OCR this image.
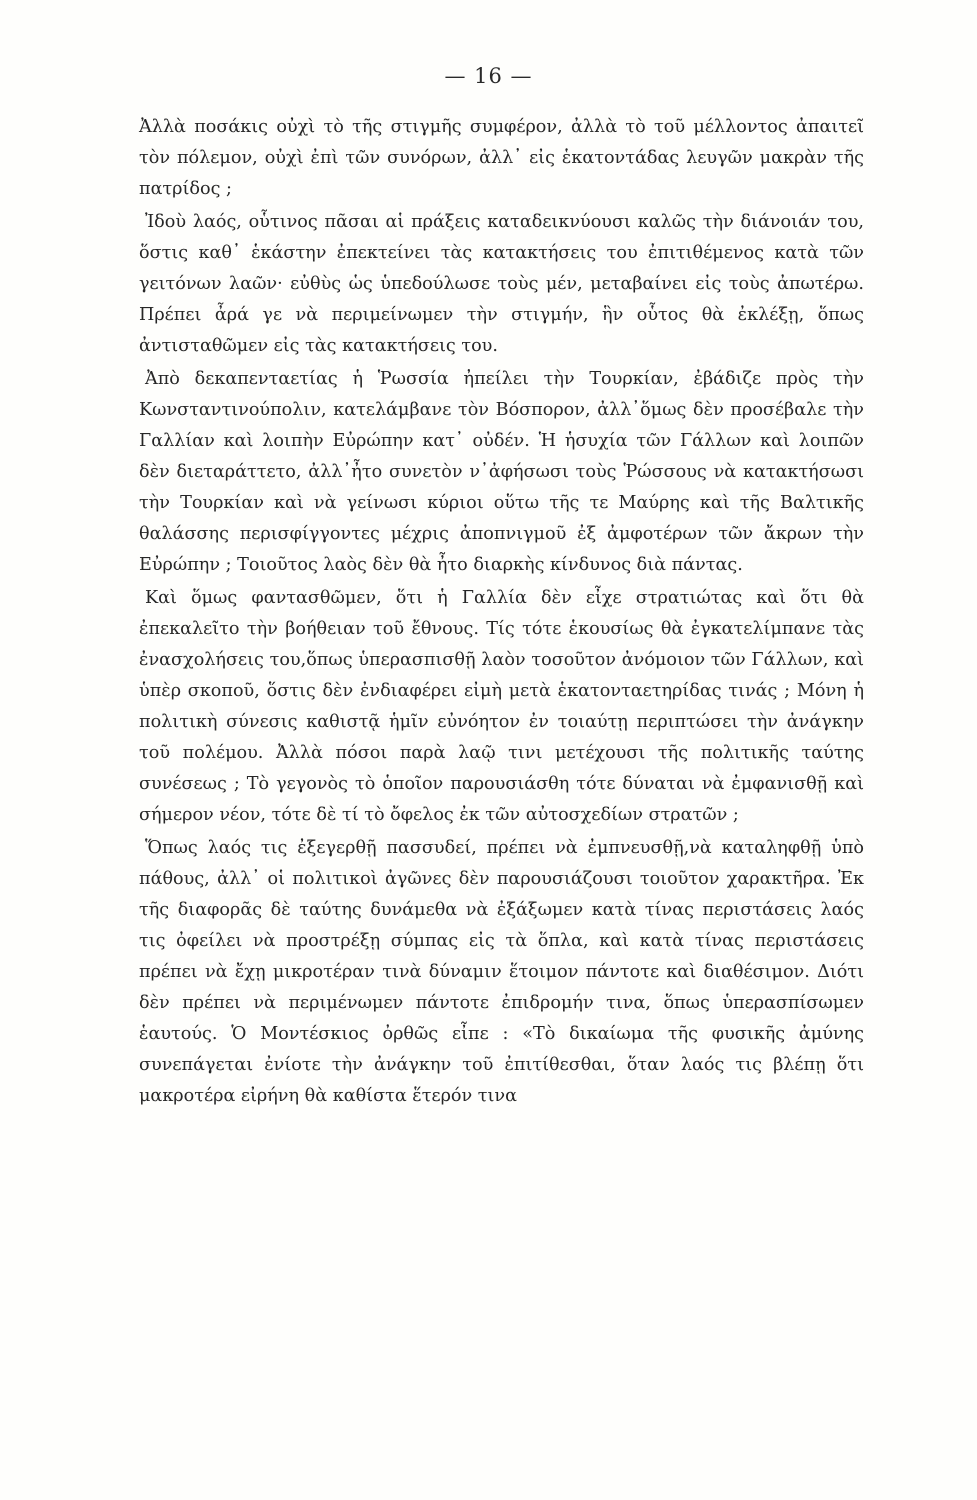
— 16 —

Ἀλλὰ ποσάκις οὐχὶ τὸ τῆς στιγμῆς συμφέρον, ἀλλὰ τὸ τοῦ μέλλοντος ἀπαιτεῖ τὸν πόλεμον, οὐχὶ ἐπὶ τῶν συνόρων, ἀλλ᾽ εἰς ἑκατοντάδας λευγῶν μακρὰν τῆς πατρίδος ;

Ἰδοὺ λαός, οὗτινος πᾶσαι αἱ πράξεις καταδεικνύουσι καλῶς τὴν διάνοιάν του, ὅστις καθ᾽ ἑκάστην ἐπεκτείνει τὰς κατακτήσεις του ἐπιτιθέμενος κατὰ τῶν γειτόνων λαῶν· εὐθὺς ὡς ὑπεδούλωσε τοὺς μέν, μεταβαίνει εἰς τοὺς ἀπωτέρω. Πρέπει ἆρά γε νὰ περιμείνωμεν τὴν στιγμήν, ἣν οὗτος θὰ ἐκλέξῃ, ὅπως ἀντισταθῶμεν εἰς τὰς κατακτήσεις του.

Ἀπὸ δεκαπενταετίας ἡ Ῥωσσία ἠπείλει τὴν Τουρκίαν, ἐβάδιζε πρὸς τὴν Κωνσταντινούπολιν, κατελάμβανε τὸν Βόσπορον, ἀλλ᾽ὅμως δὲν προσέβαλε τὴν Γαλλίαν καὶ λοιπὴν Εὐρώπην κατ᾽ οὐδέν. Ἡ ἡσυχία τῶν Γάλλων καὶ λοιπῶν δὲν διεταράττετο, ἀλλ᾽ἦτο συνετὸν ν᾽ἀφήσωσι τοὺς Ῥώσσους νὰ κατακτήσωσι τὴν Τουρκίαν καὶ νὰ γείνωσι κύριοι οὕτω τῆς τε Μαύρης καὶ τῆς Βαλτικῆς θαλάσσης περισφίγγοντες μέχρις ἀποπνιγμοῦ ἐξ ἀμφοτέρων τῶν ἄκρων τὴν Εὐρώπην ; Τοιοῦτος λαὸς δὲν θὰ ἦτο διαρκὴς κίνδυνος διὰ πάντας.

Καὶ ὅμως φαντασθῶμεν, ὅτι ἡ Γαλλία δὲν εἶχε στρατιώτας καὶ ὅτι θὰ ἐπεκαλεῖτο τὴν βοήθειαν τοῦ ἔθνους. Τίς τότε ἑκουσίως θὰ ἐγκατελίμπανε τὰς ἐνασχολήσεις του,ὅπως ὑπερασπισθῇ λαὸν τοσοῦτον ἀνόμοιον τῶν Γάλλων, καὶ ὑπὲρ σκοποῦ, ὅστις δὲν ἐνδιαφέρει εἰμὴ μετὰ ἑκατονταετηρίδας τινάς ; Μόνη ἡ πολιτικὴ σύνεσις καθιστᾷ ἡμῖν εὐνόητον ἐν τοιαύτῃ περιπτώσει τὴν ἀνάγκην τοῦ πολέμου. Ἀλλὰ πόσοι παρὰ λαῷ τινι μετέχουσι τῆς πολιτικῆς ταύτης συνέσεως ; Τὸ γεγονὸς τὸ ὁποῖον παρουσιάσθη τότε δύναται νὰ ἐμφανισθῇ καὶ σήμερον νέον, τότε δὲ τί τὸ ὄφελος ἐκ τῶν αὐτοσχεδίων στρατῶν ;

Ὅπως λαός τις ἐξεγερθῇ πασσυδεί, πρέπει νὰ ἐμπνευσθῇ,νὰ καταληφθῇ ὑπὸ πάθους, ἀλλ᾽ οἱ πολιτικοὶ ἀγῶνες δὲν παρουσιάζουσι τοιοῦτον χαρακτῆρα. Ἐκ τῆς διαφορᾶς δὲ ταύτης δυνάμεθα νὰ ἐξάξωμεν κατὰ τίνας περιστάσεις λαός τις ὀφείλει νὰ προστρέξῃ σύμπας εἰς τὰ ὅπλα, καὶ κατὰ τίνας περιστάσεις πρέπει νὰ ἔχῃ μικροτέραν τινὰ δύναμιν ἕτοιμον πάντοτε καὶ διαθέσιμον. Διότι δὲν πρέπει νὰ περιμένωμεν πάντοτε ἐπιδρομήν τινα, ὅπως ὑπερασπίσωμεν ἑαυτούς. Ὁ Μοντέσκιος ὀρθῶς εἶπε : «Τὸ δικαίωμα τῆς φυσικῆς ἀμύνης συνεπάγεται ἐνίοτε τὴν ἀνάγκην τοῦ ἐπιτίθεσθαι, ὅταν λαός τις βλέπῃ ὅτι μακροτέρα εἰρήνη θὰ καθίστα ἕτερόν τινα
